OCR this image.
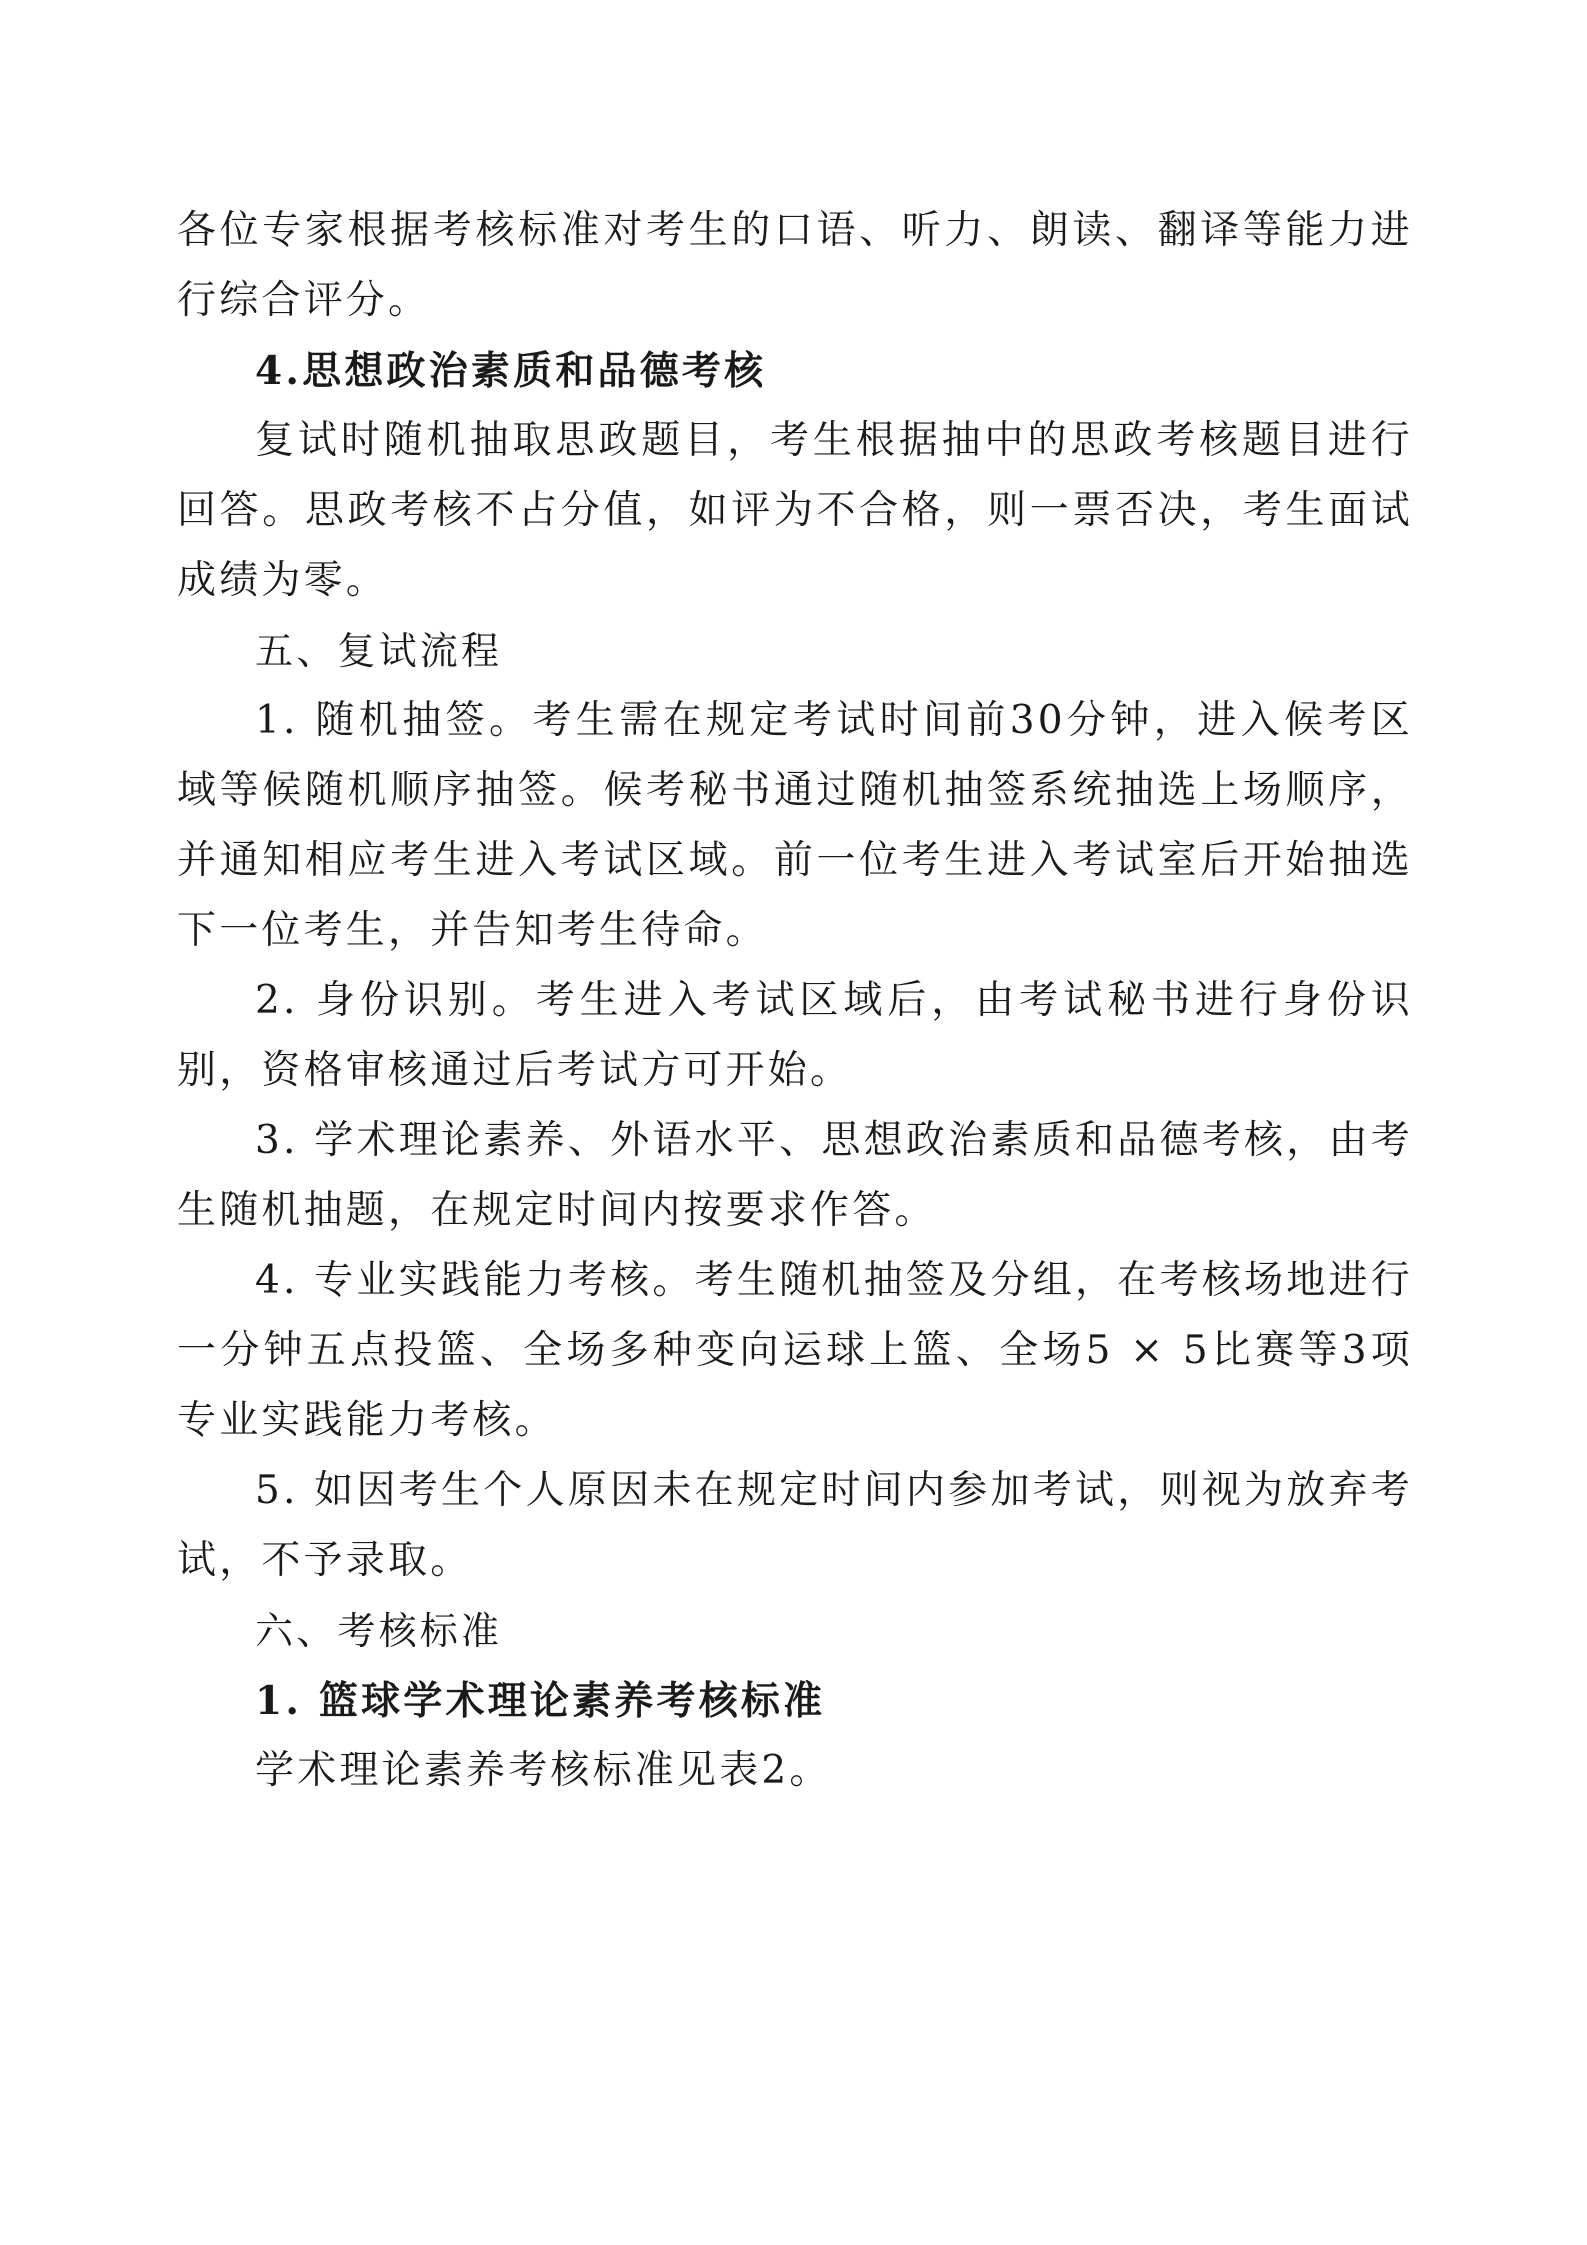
各位专家根据考核标准对考生的口语、听力、朗读、翻译等能力进行综合评分。

4.思想政治素质和品德考核

复试时随机抽取思政题目，考生根据抽中的思政考核题目进行回答。思政考核不占分值，如评为不合格，则一票否决，考生面试成绩为零。

五、复试流程

1. 随机抽签。考生需在规定考试时间前30分钟，进入候考区域等候随机顺序抽签。候考秘书通过随机抽签系统抽选上场顺序，并通知相应考生进入考试区域。前一位考生进入考试室后开始抽选下一位考生，并告知考生待命。

2. 身份识别。考生进入考试区域后，由考试秘书进行身份识别，资格审核通过后考试方可开始。

3. 学术理论素养、外语水平、思想政治素质和品德考核，由考生随机抽题，在规定时间内按要求作答。

4. 专业实践能力考核。考生随机抽签及分组，在考核场地进行一分钟五点投篮、全场多种变向运球上篮、全场5 × 5比赛等3项专业实践能力考核。

5. 如因考生个人原因未在规定时间内参加考试，则视为放弃考试，不予录取。

六、考核标准

1. 篮球学术理论素养考核标准

学术理论素养考核标准见表2。
